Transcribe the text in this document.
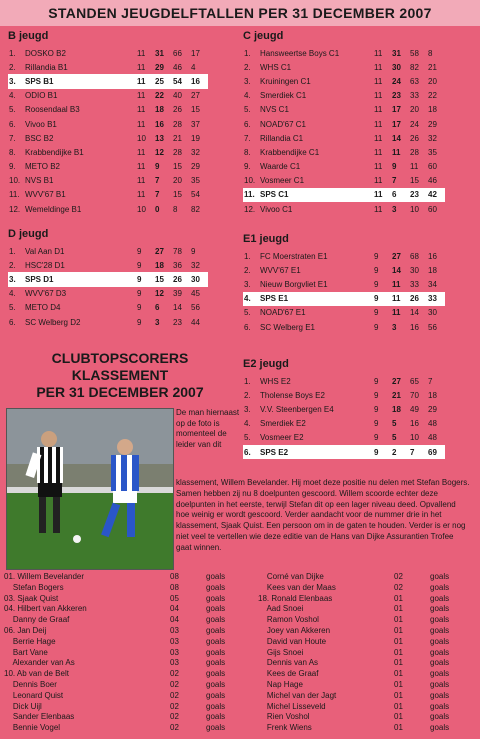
STANDEN JEUGDELFTALLEN PER 31 DECEMBER 2007
B jeugd
1.	DOSKO B2	11	31	66	17
2.	Rillandia B1	11	29	46	4
3.	SPS B1	11	25	54	16
4.	ODIO B1	11	22	40	27
5.	Roosendaal B3	11	18	26	15
6.	Vivoo B1	11	16	28	37
7.	BSC B2	10	13	21	19
8.	Krabbendijke B1	11	12	28	32
9.	METO B2	11	9	15	29
10.	NVS B1	11	7	20	35
11.	WVV'67 B1	11	7	15	54
12.	Wemeldinge B1	10	0	8	82
C jeugd
1.	Hansweertse Boys C1	11	31	58	8
2.	WHS C1	11	30	82	21
3.	Kruiningen C1	11	24	63	20
4.	Smerdiek C1	11	23	33	22
5.	NVS C1	11	17	20	18
6.	NOAD'67 C1	11	17	24	29
7.	Rillandia C1	11	14	26	32
8.	Krabbendijke C1	11	11	28	35
9.	Waarde C1	11	9	11	60
10.	Vosmeer C1	11	7	15	46
11.	SPS C1	11	6	23	42
12.	Vivoo C1	11	3	10	60
D jeugd
1.	Val Aan D1	9	27	78	9
2.	HSC'28 D1	9	18	36	32
3.	SPS D1	9	15	26	30
4.	WVV'67 D3	9	12	39	45
5.	METO D4	9	6	14	56
6.	SC Welberg D2	9	3	23	44
E1 jeugd
1.	FC Moerstraten E1	9	27	68	16
2.	WVV'67 E1	9	14	30	18
3.	Nieuw Borgvliet E1	9	11	33	34
4.	SPS E1	9	11	26	33
5.	NOAD'67 E1	9	11	14	30
6.	SC Welberg E1	9	3	16	56
E2 jeugd
1.	WHS E2	9	27	65	7
2.	Tholense Boys E2	9	21	70	18
3.	V.V. Steenbergen E4	9	18	49	29
4.	Smerdiek E2	9	5	16	48
5.	Vosmeer E2	9	5	10	48
6.	SPS E2	9	2	7	69
CLUBTOPSCORERS
KLASSEMENT
PER 31 DECEMBER 2007
De man hiernaast op de foto is momenteel de leider van dit
klassement, Willem Bevelander. Hij moet deze positie nu delen met Stefan Bogers. Samen hebben zij nu 8 doelpunten gescoord. Willem scoorde echter deze doelpunten in het eerste, terwijl Stefan dit op een lager niveau deed. Opvallend hoe weinig er wordt gescoord. Verder aandacht voor de nummer drie in het klassement, Sjaak Quist. Een persoon om in de gaten te houden. Verder is er nog niet veel te vertellen wie deze editie van de Hans van Dijke Assurantien Trofee gaat winnen.
01. Willem Bevelander	08	goals
Stefan Bogers	08	goals
03. Sjaak Quist	05	goals
04. Hilbert van Akkeren	04	goals
Danny de Graaf	04	goals
06. Jan Deij	03	goals
Berrie Hage	03	goals
Bart Vane	03	goals
Alexander van As	03	goals
10. Ab van de Belt	02	goals
Dennis Boer	02	goals
Leonard Quist	02	goals
Dick Uijl	02	goals
Sander Elenbaas	02	goals
Bennie Vogel	02	goals
Corné van Dijke	02	goals
Kees van der Maas	02	goals
18. Ronald Elenbaas	01	goals
Aad Snoei	01	goals
Ramon Voshol	01	goals
Joey van Akkeren	01	goals
David van Houte	01	goals
Gijs Snoei	01	goals
Dennis van As	01	goals
Kees de Graaf	01	goals
Nap Hage	01	goals
Michel van der Jagt	01	goals
Michel Lisseveld	01	goals
Rien Voshol	01	goals
Frenk Wiens	01	goals
